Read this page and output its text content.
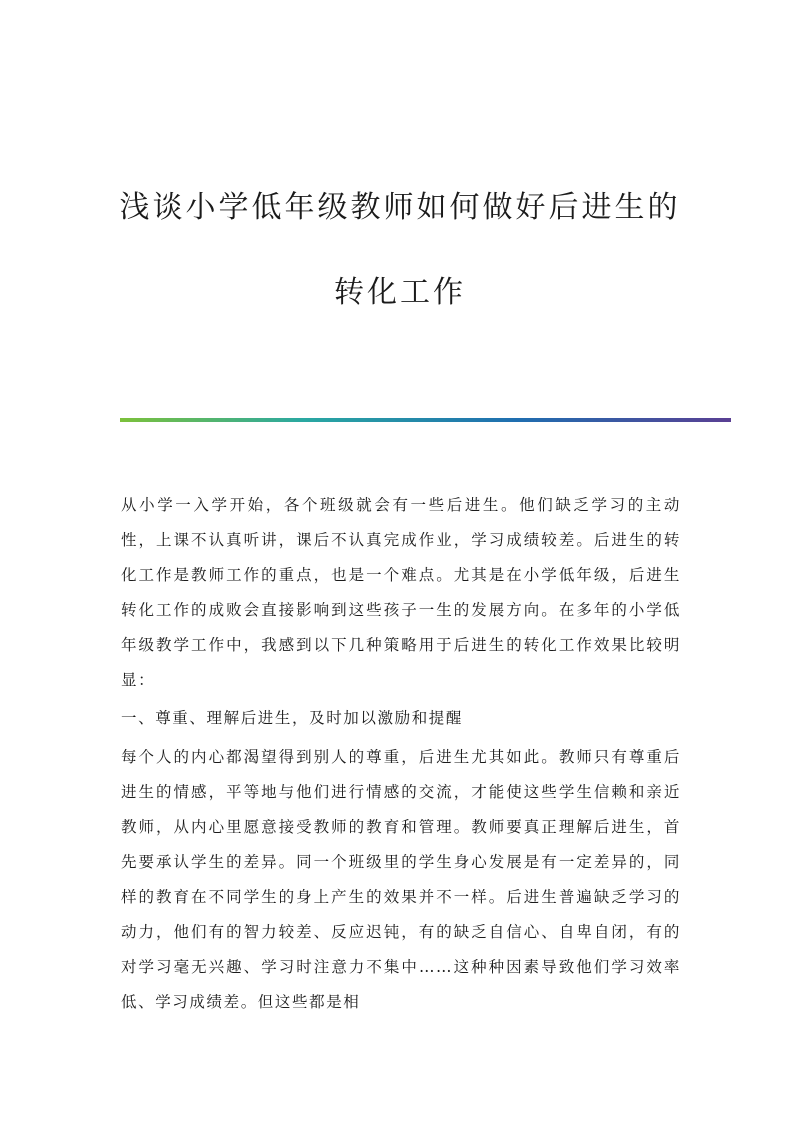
浅谈小学低年级教师如何做好后进生的
转化工作

从小学一入学开始，各个班级就会有一些后进生。他们缺乏学习的主动性，上课不认真听讲，课后不认真完成作业，学习成绩较差。后进生的转化工作是教师工作的重点，也是一个难点。尤其是在小学低年级，后进生转化工作的成败会直接影响到这些孩子一生的发展方向。在多年的小学低年级教学工作中，我感到以下几种策略用于后进生的转化工作效果比较明显：

一、尊重、理解后进生，及时加以激励和提醒

每个人的内心都渴望得到别人的尊重，后进生尤其如此。教师只有尊重后进生的情感，平等地与他们进行情感的交流，才能使这些学生信赖和亲近教师，从内心里愿意接受教师的教育和管理。教师要真正理解后进生，首先要承认学生的差异。同一个班级里的学生身心发展是有一定差异的，同样的教育在不同学生的身上产生的效果并不一样。后进生普遍缺乏学习的动力，他们有的智力较差、反应迟钝，有的缺乏自信心、自卑自闭，有的对学习毫无兴趣、学习时注意力不集中……这种种因素导致他们学习效率低、学习成绩差。但这些都是相
